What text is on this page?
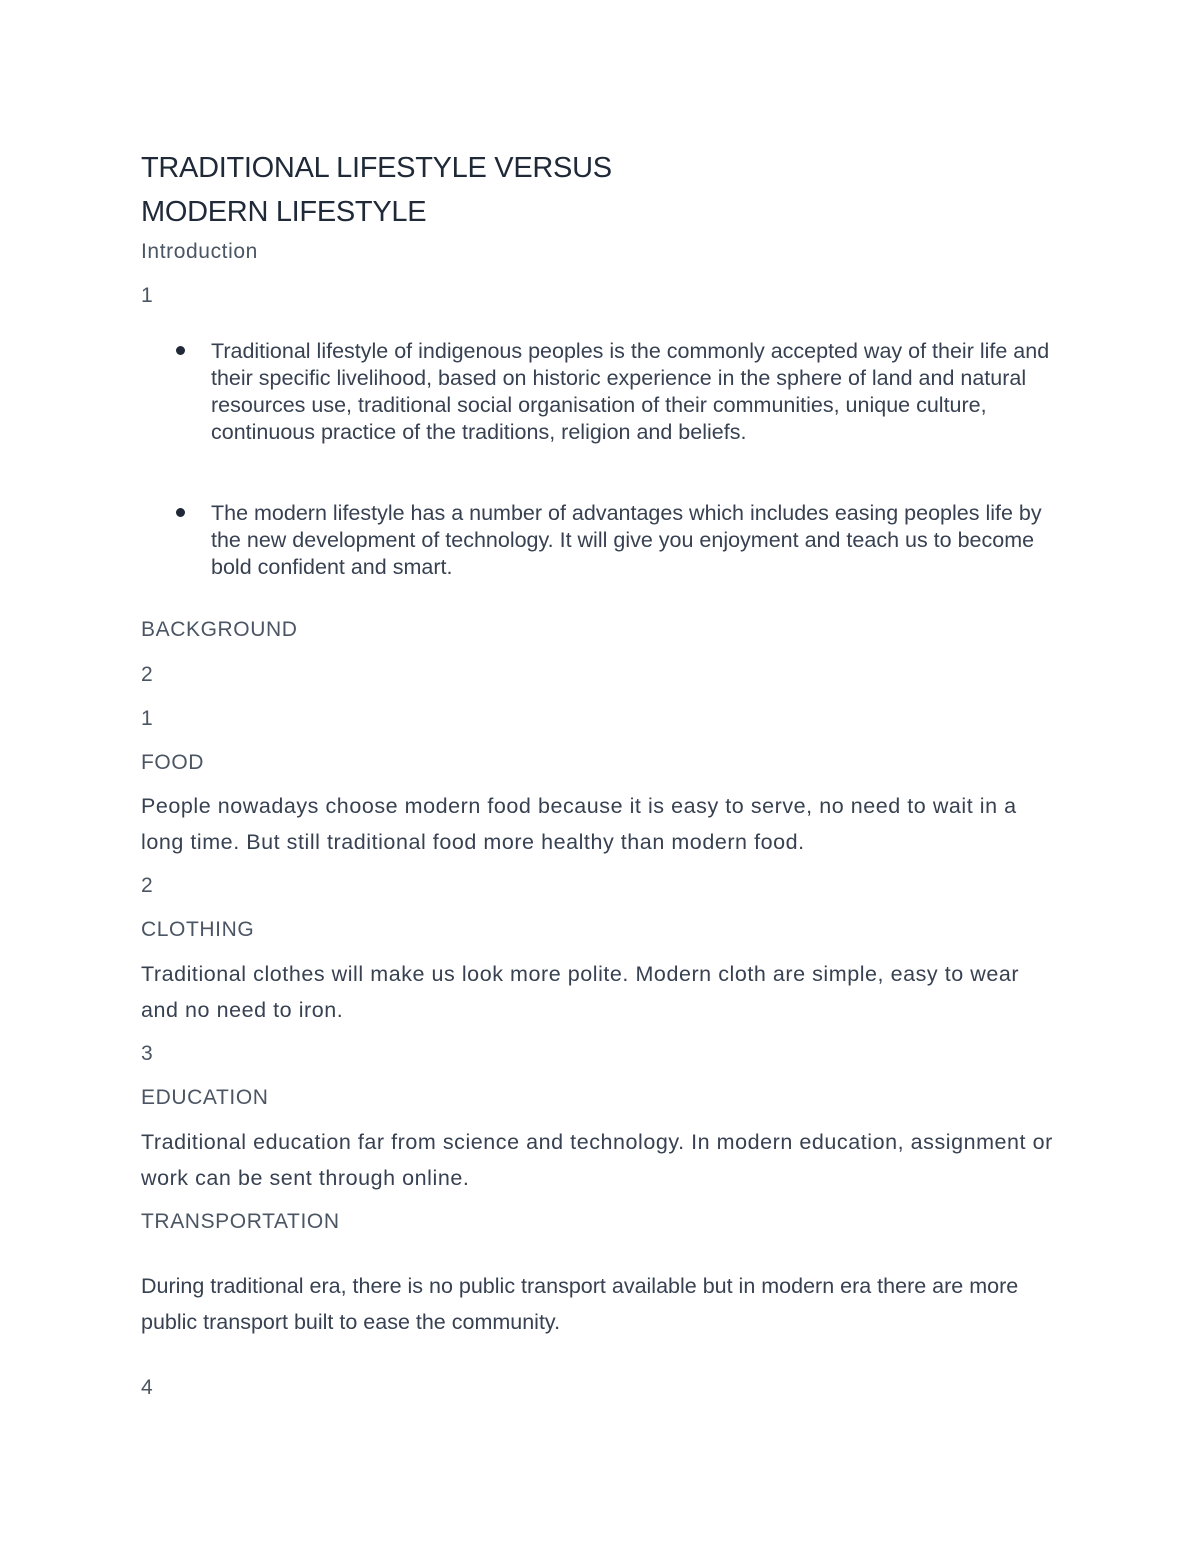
TRADITIONAL LIFESTYLE VERSUS
MODERN LIFESTYLE
Introduction
1
Traditional lifestyle of indigenous peoples is the commonly accepted way of their life and their specific livelihood, based on historic experience in the sphere of land and natural resources use, traditional social organisation of their communities, unique culture, continuous practice of the traditions, religion and beliefs.
The modern lifestyle has a number of advantages which includes easing peoples life by the new development of technology. It will give you enjoyment and teach us to become bold confident and smart.
BACKGROUND
2
1
FOOD
People nowadays choose modern food because it is easy to serve, no need to wait in a long time. But still traditional food more healthy than modern food.
2
CLOTHING
Traditional clothes will make us look more polite. Modern cloth are simple, easy to wear and no need to iron.
3
EDUCATION
Traditional education far from science and technology. In modern education, assignment or work can be sent through online.
TRANSPORTATION
During traditional era, there is no public transport available but in modern era there are more public transport built to ease the community.
4
